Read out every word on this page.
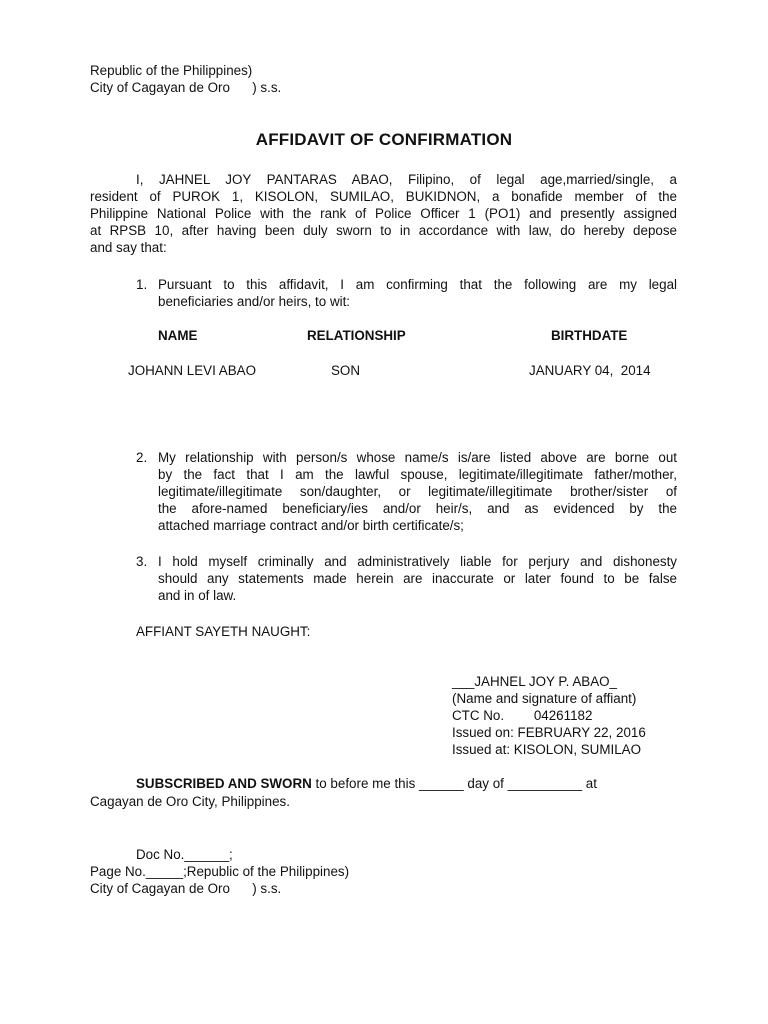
Republic of the Philippines)
City of Cagayan de Oro      ) s.s.
AFFIDAVIT OF CONFIRMATION
I, JAHNEL JOY PANTARAS ABAO, Filipino, of legal age,married/single, a
resident of PUROK 1, KISOLON, SUMILAO, BUKIDNON, a bonafide member of the
Philippine National Police with the rank of Police Officer 1 (PO1) and presently assigned
at RPSB 10, after having been duly sworn to in accordance with law, do hereby depose
and say that:
1. Pursuant to this affidavit, I am confirming that the following are my legal
beneficiaries and/or heirs, to wit:
NAME	RELATIONSHIP	BIRTHDATE
JOHANN LEVI ABAO	SON	JANUARY 04,  2014
2. My relationship with person/s whose name/s is/are listed above are borne out
by the fact that I am the lawful spouse, legitimate/illegitimate father/mother,
legitimate/illegitimate son/daughter, or legitimate/illegitimate brother/sister of
the afore-named beneficiary/ies and/or heir/s, and as evidenced by the
attached marriage contract and/or birth certificate/s;
3. I hold myself criminally and administratively liable for perjury and dishonesty
should any statements made herein are inaccurate or later found to be false
and in of law.
AFFIANT SAYETH NAUGHT:
___JAHNEL JOY P. ABAO_
(Name and signature of affiant)
CTC No.        04261182
Issued on: FEBRUARY 22, 2016
Issued at: KISOLON, SUMILAO
SUBSCRIBED AND SWORN to before me this ______ day of __________ at
Cagayan de Oro City, Philippines.
Doc No.______;
Page No._____;Republic of the Philippines)
City of Cagayan de Oro      ) s.s.
